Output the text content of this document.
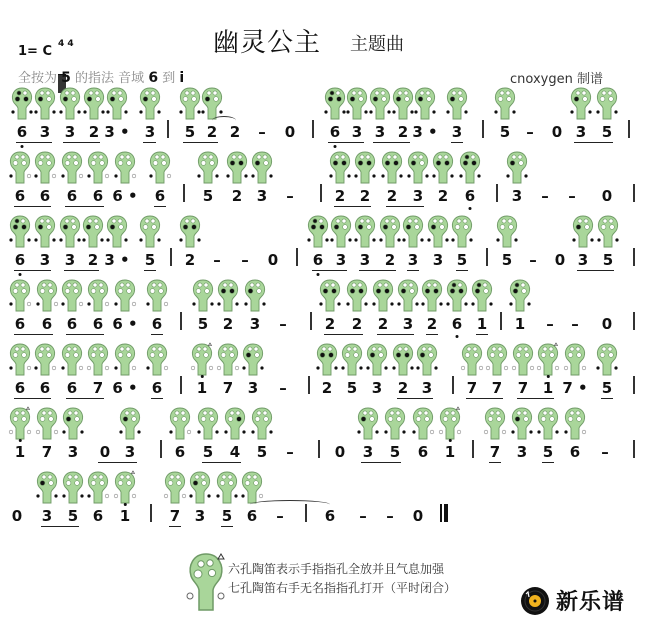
幽灵公主 主题曲
1= C 4 4
全按为 5 的指法 音域 6 到 i	cnoxygen 制谱
6 3 3 2 3 • 3 5 2 2 – 0 6 3 3 2 3 • 3	5 – 0 3 5
6 6 6 6 6 • 6	5 2 3 –	2 2 2 3 2 6 3 – – 0
6 3 3 2 3 • 5 2 – – 0 6 3 3 2 3 3 5 5 – 0 3 5
6 6 6 6 6 • 6 5 2 3 –	2 2 2 3 2 6 1 1 – – 0
6 6 6 7 6 • 6 1 7 3 – 2 5 3 2 3 7 7 7 1 7 • 5
1 7 3 0 3	6 5 4 5 –	0 3 5 6 1 7 3 5 6 –
0 3 5 6 1	7 3 5 6 –	6 – – 0
六孔陶笛表示手指指孔全放并且气息加强
七孔陶笛右手无名指指孔打开（平时闭合）
新乐谱
